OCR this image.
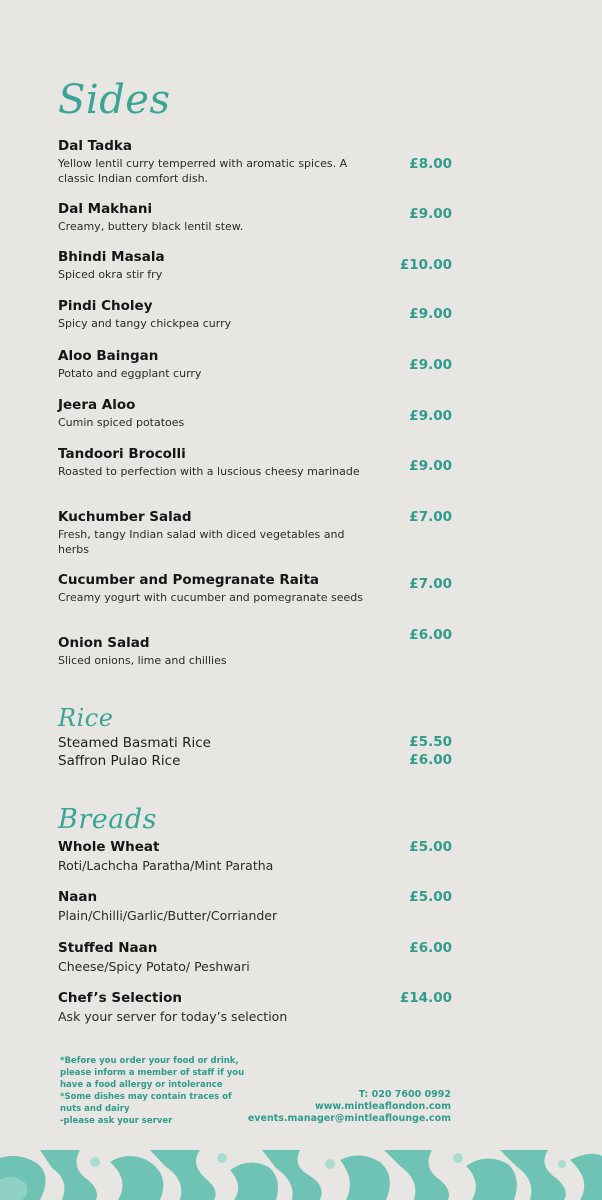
Sides
Dal Tadka
Yellow lentil curry temperred with aromatic spices. A classic Indian comfort dish.
£8.00
Dal Makhani
Creamy, buttery black lentil stew.
£9.00
Bhindi Masala
Spiced okra stir fry
£10.00
Pindi Choley
Spicy and tangy chickpea curry
£9.00
Aloo Baingan
Potato and eggplant curry
£9.00
Jeera Aloo
Cumin spiced potatoes	£9.00
Tandoori Brocolli
Roasted to perfection with a luscious cheesy marinade	£9.00
Kuchumber Salad
Fresh, tangy Indian salad with diced vegetables and herbs
£7.00
Cucumber and Pomegranate Raita
Creamy yogurt with cucumber and pomegranate seeds
£7.00
Onion Salad
Sliced onions, lime and chillies
£6.00
Rice
Steamed Basmati Rice	£5.50
Saffron Pulao Rice	£6.00
Breads
Whole Wheat
Roti/Lachcha Paratha/Mint Paratha
£5.00
Naan
Plain/Chilli/Garlic/Butter/Corriander
£5.00
Stuffed Naan
Cheese/Spicy Potato/ Peshwari
£6.00
Chef’s Selection
Ask your server for today’s selection
£14.00
*Before you order your food or drink,
please inform a member of staff if you
have a food allergy or intolerance
*Some dishes may contain traces of
nuts and dairy
-please ask your server
T: 020 7600 0992
www.mintleaflondon.com
events.manager@mintleaflounge.com
